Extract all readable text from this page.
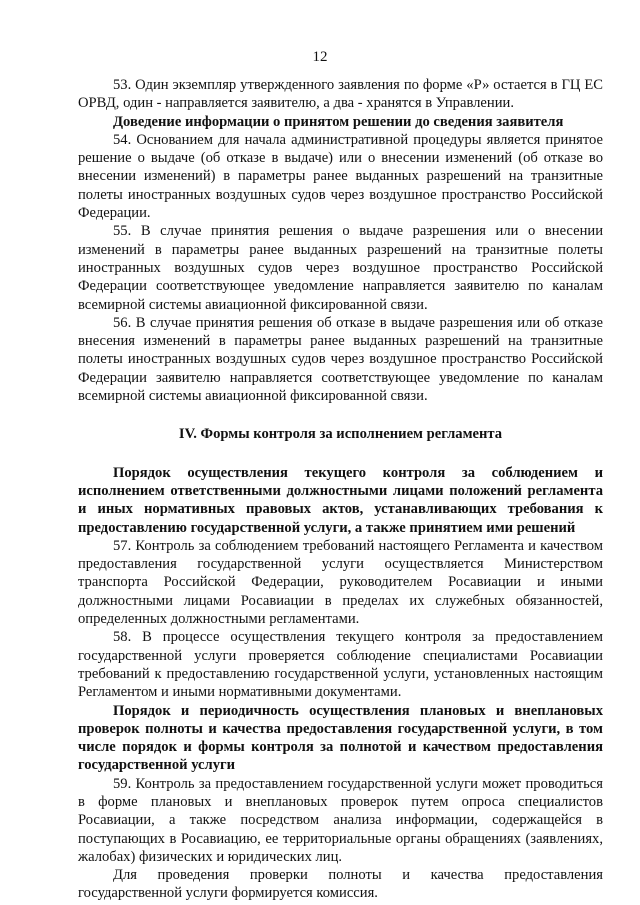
12

53. Один экземпляр утвержденного заявления по форме «Р» остается в ГЦ ЕС ОРВД, один - направляется заявителю, а два - хранятся в Управлении.

Доведение информации о принятом решении до сведения заявителя

54. Основанием для начала административной процедуры является принятое решение о выдаче (об отказе в выдаче) или о внесении изменений (об отказе во внесении изменений) в параметры ранее выданных разрешений на транзитные полеты иностранных воздушных судов через воздушное пространство Российской Федерации.

55. В случае принятия решения о выдаче разрешения или о внесении изменений в параметры ранее выданных разрешений на транзитные полеты иностранных воздушных судов через воздушное пространство Российской Федерации соответствующее уведомление направляется заявителю по каналам всемирной системы авиационной фиксированной связи.

56. В случае принятия решения об отказе в выдаче разрешения или об отказе внесения изменений в параметры ранее выданных разрешений на транзитные полеты иностранных воздушных судов через воздушное пространство Российской Федерации заявителю направляется соответствующее уведомление по каналам всемирной системы авиационной фиксированной связи.

IV. Формы контроля за исполнением регламента

Порядок осуществления текущего контроля за соблюдением и исполнением ответственными должностными лицами положений регламента и иных нормативных правовых актов, устанавливающих требования к предоставлению государственной услуги, а также принятием ими решений

57. Контроль за соблюдением требований настоящего Регламента и качеством предоставления государственной услуги осуществляется Министерством транспорта Российской Федерации, руководителем Росавиации и иными должностными лицами Росавиации в пределах их служебных обязанностей, определенных должностными регламентами.

58. В процессе осуществления текущего контроля за предоставлением государственной услуги проверяется соблюдение специалистами Росавиации требований к предоставлению государственной услуги, установленных настоящим Регламентом и иными нормативными документами.

Порядок и периодичность осуществления плановых и внеплановых проверок полноты и качества предоставления государственной услуги, в том числе порядок и формы контроля за полнотой и качеством предоставления государственной услуги

59. Контроль за предоставлением государственной услуги может проводиться в форме плановых и внеплановых проверок путем опроса специалистов Росавиации, а также посредством анализа информации, содержащейся в поступающих в Росавиацию, ее территориальные органы обращениях (заявлениях, жалобах) физических и юридических лиц.

Для проведения проверки полноты и качества предоставления государственной услуги формируется комиссия.
